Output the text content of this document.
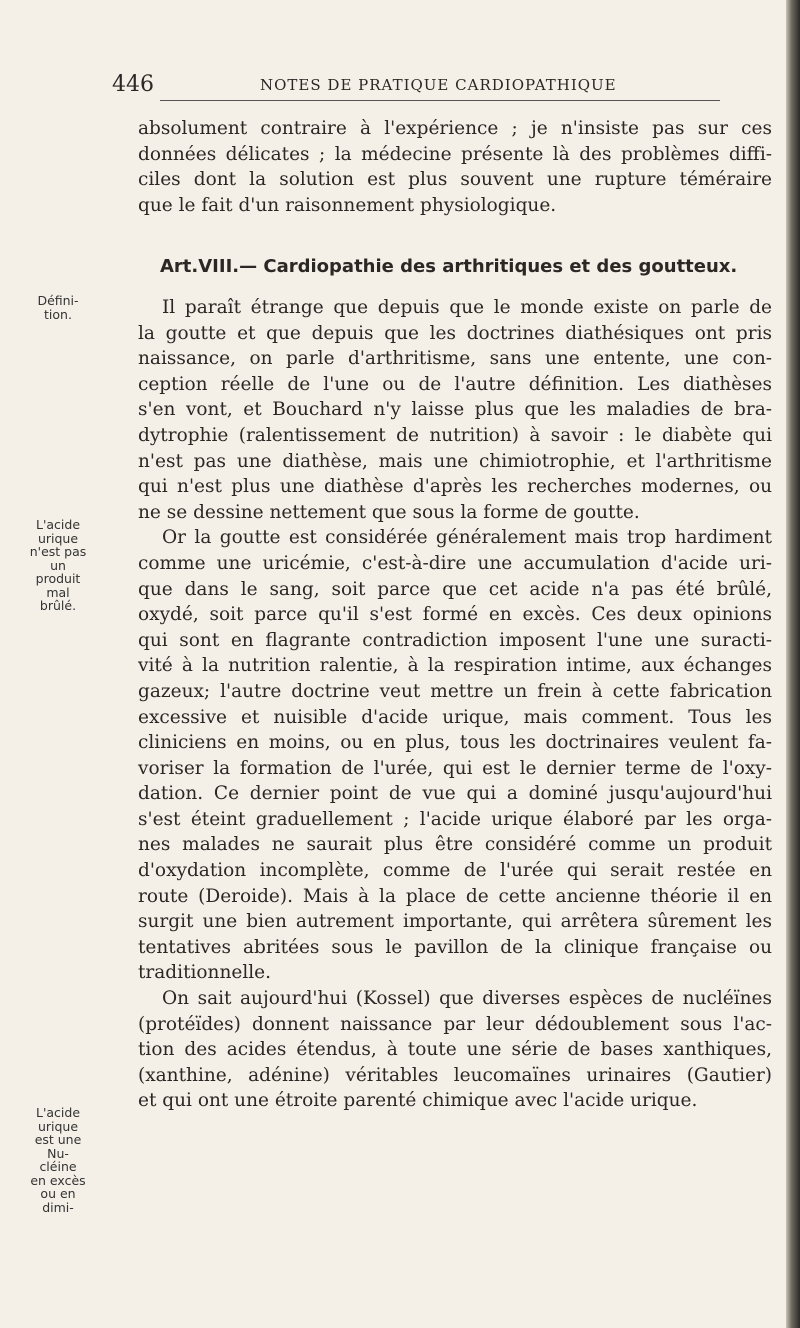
446	NOTES DE PRATIQUE CARDIOPATHIQUE
absolument contraire à l'expérience ; je n'insiste pas sur ces
données délicates ; la médecine présente là des problèmes diffi-
ciles dont la solution est plus souvent une rupture téméraire
que le fait d'un raisonnement physiologique.
Art.VIII.— Cardiopathie des arthritiques et des goutteux.
Il paraît étrange que depuis que le monde existe on parle de
la goutte et que depuis que les doctrines diathésiques ont pris
naissance, on parle d'arthritisme, sans une entente, une con-
ception réelle de l'une ou de l'autre définition. Les diathèses
s'en vont, et Bouchard n'y laisse plus que les maladies de bra-
dytrophie (ralentissement de nutrition) à savoir : le diabète qui
n'est pas une diathèse, mais une chimiotrophie, et l'arthritisme
qui n'est plus une diathèse d'après les recherches modernes, ou
ne se dessine nettement que sous la forme de goutte.
Or la goutte est considérée généralement mais trop hardiment
comme une uricémie, c'est-à-dire une accumulation d'acide uri-
que dans le sang, soit parce que cet acide n'a pas été brûlé,
oxydé, soit parce qu'il s'est formé en excès. Ces deux opinions
qui sont en flagrante contradiction imposent l'une une suracti-
vité à la nutrition ralentie, à la respiration intime, aux échanges
gazeux; l'autre doctrine veut mettre un frein à cette fabrication
excessive et nuisible d'acide urique, mais comment. Tous les
cliniciens en moins, ou en plus, tous les doctrinaires veulent fa-
voriser la formation de l'urée, qui est le dernier terme de l'oxy-
dation. Ce dernier point de vue qui a dominé jusqu'aujourd'hui
s'est éteint graduellement ; l'acide urique élaboré par les orga-
nes malades ne saurait plus être considéré comme un produit
d'oxydation incomplète, comme de l'urée qui serait restée en
route (Deroide). Mais à la place de cette ancienne théorie il en
surgit une bien autrement importante, qui arrêtera sûrement les
tentatives abritées sous le pavillon de la clinique française ou
traditionnelle.
On sait aujourd'hui (Kossel) que diverses espèces de nucléïnes
(protéïdes) donnent naissance par leur dédoublement sous l'ac-
tion des acides étendus, à toute une série de bases xanthiques,
(xanthine, adénine) véritables leucomaïnes urinaires (Gautier)
et qui ont une étroite parenté chimique avec l'acide urique.
Défini-
tion.
L'acide
urique
n'est pas
un
produit
mal
brûlé.
L'acide
urique
est une
Nu-
cléine
en excès
ou en
dimi-
